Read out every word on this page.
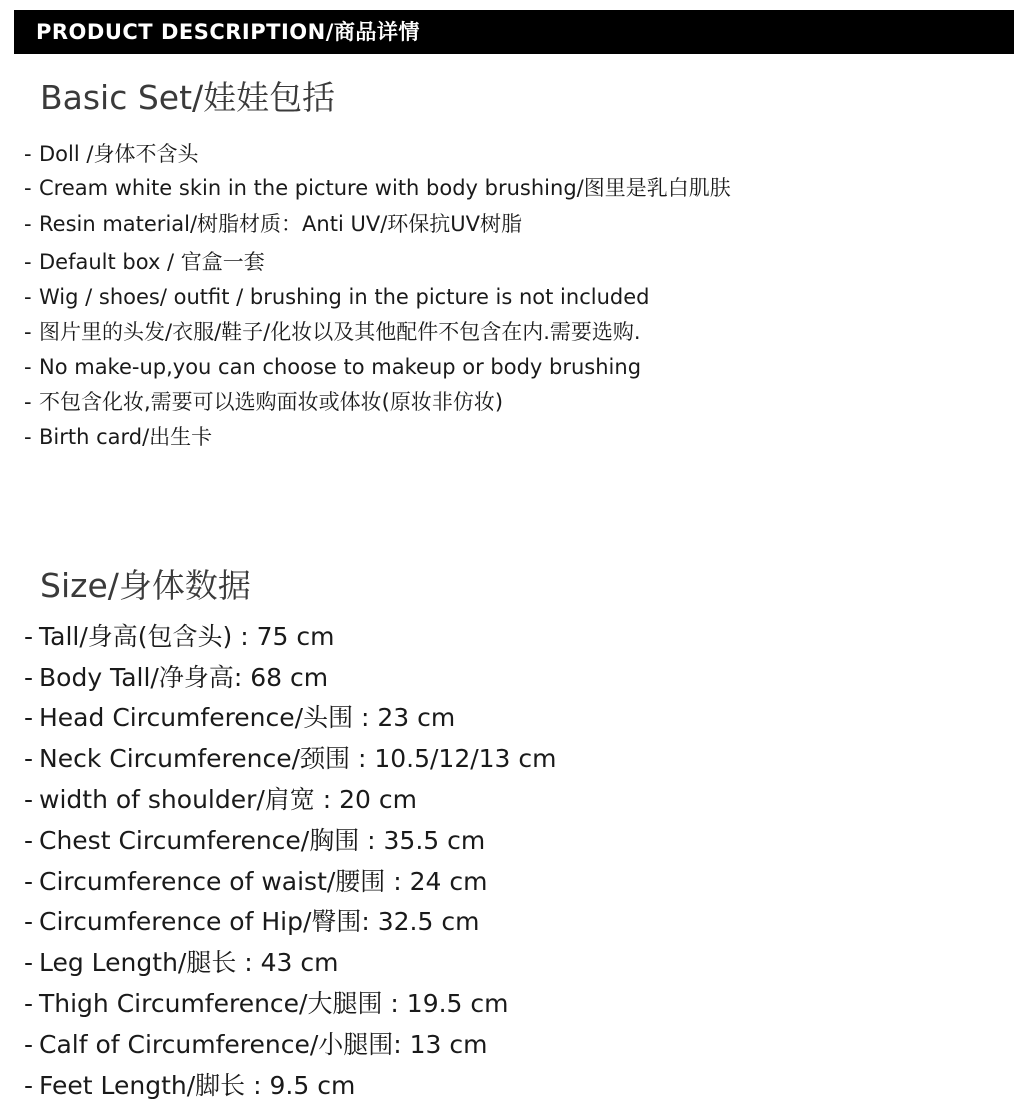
PRODUCT DESCRIPTION/商品详情
Basic Set/娃娃包括
- Doll /身体不含头
- Cream white skin in the picture with body brushing/图里是乳白肌肤
- Resin material/树脂材质：Anti UV/环保抗UV树脂
- Default box / 官盒一套
- Wig / shoes/ outfit / brushing in the picture is not included
- 图片里的头发/衣服/鞋子/化妆以及其他配件不包含在内.需要选购.
- No make-up,you can choose to makeup or body brushing
- 不包含化妆,需要可以选购面妆或体妆(原妆非仿妆)
- Birth card/出生卡
Size/身体数据
- Tall/身高(包含头) : 75 cm
- Body Tall/净身高: 68 cm
- Head Circumference/头围 : 23 cm
- Neck Circumference/颈围 : 10.5/12/13 cm
- width of shoulder/肩宽 : 20 cm
- Chest Circumference/胸围 : 35.5 cm
- Circumference of waist/腰围 : 24 cm
- Circumference of Hip/臀围: 32.5 cm
- Leg Length/腿长 : 43 cm
- Thigh Circumference/大腿围 : 19.5 cm
- Calf of Circumference/小腿围: 13 cm
- Feet Length/脚长 : 9.5 cm
